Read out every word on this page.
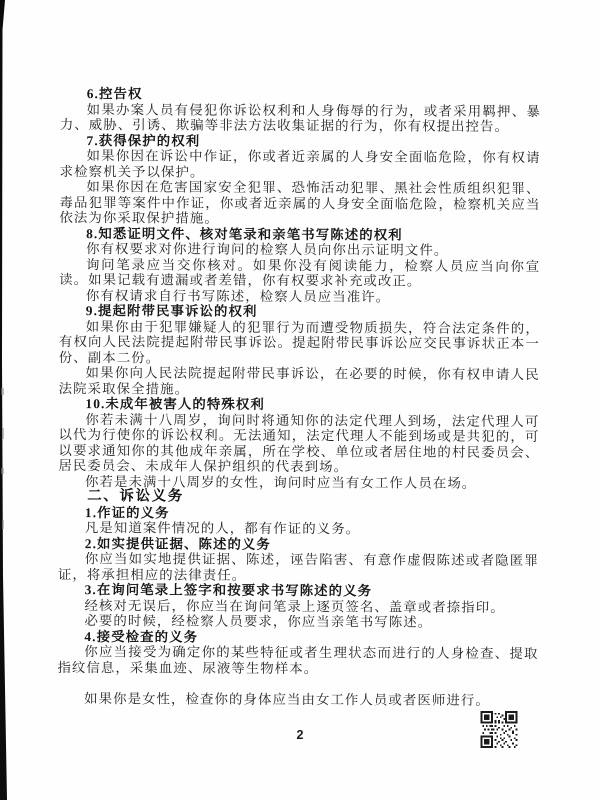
6.控告权
如果办案人员有侵犯你诉讼权利和人身侮辱的行为，或者采用羁押、暴力、威胁、引诱、欺骗等非法方法收集证据的行为，你有权提出控告。
7.获得保护的权利
如果你因在诉讼中作证，你或者近亲属的人身安全面临危险，你有权请求检察机关予以保护。
如果你因在危害国家安全犯罪、恐怖活动犯罪、黑社会性质组织犯罪、毒品犯罪等案件中作证，你或者近亲属的人身安全面临危险，检察机关应当依法为你采取保护措施。
8.知悉证明文件、核对笔录和亲笔书写陈述的权利
你有权要求对你进行询问的检察人员向你出示证明文件。
询问笔录应当交你核对。如果你没有阅读能力，检察人员应当向你宣读。如果记载有遗漏或者差错，你有权要求补充或改正。
你有权请求自行书写陈述，检察人员应当准许。
9.提起附带民事诉讼的权利
如果你由于犯罪嫌疑人的犯罪行为而遭受物质损失，符合法定条件的，有权向人民法院提起附带民事诉讼。提起附带民事诉讼应交民事诉状正本一份、副本二份。
如果你向人民法院提起附带民事诉讼，在必要的时候，你有权申请人民法院采取保全措施。
10.未成年被害人的特殊权利
你若未满十八周岁，询问时将通知你的法定代理人到场，法定代理人可以代为行使你的诉讼权利。无法通知，法定代理人不能到场或是共犯的，可以要求通知你的其他成年亲属，所在学校、单位或者居住地的村民委员会、居民委员会、未成年人保护组织的代表到场。
你若是未满十八周岁的女性，询问时应当有女工作人员在场。
二、诉讼义务
1.作证的义务
凡是知道案件情况的人，都有作证的义务。
2.如实提供证据、陈述的义务
你应当如实地提供证据、陈述，诬告陷害、有意作虚假陈述或者隐匿罪证，将承担相应的法律责任。
3.在询问笔录上签字和按要求书写陈述的义务
经核对无误后，你应当在询问笔录上逐页签名、盖章或者捺指印。
必要的时候，经检察人员要求，你应当亲笔书写陈述。
4.接受检查的义务
你应当接受为确定你的某些特征或者生理状态而进行的人身检查、提取指纹信息，采集血迹、尿液等生物样本。
如果你是女性，检查你的身体应当由女工作人员或者医师进行。
2
